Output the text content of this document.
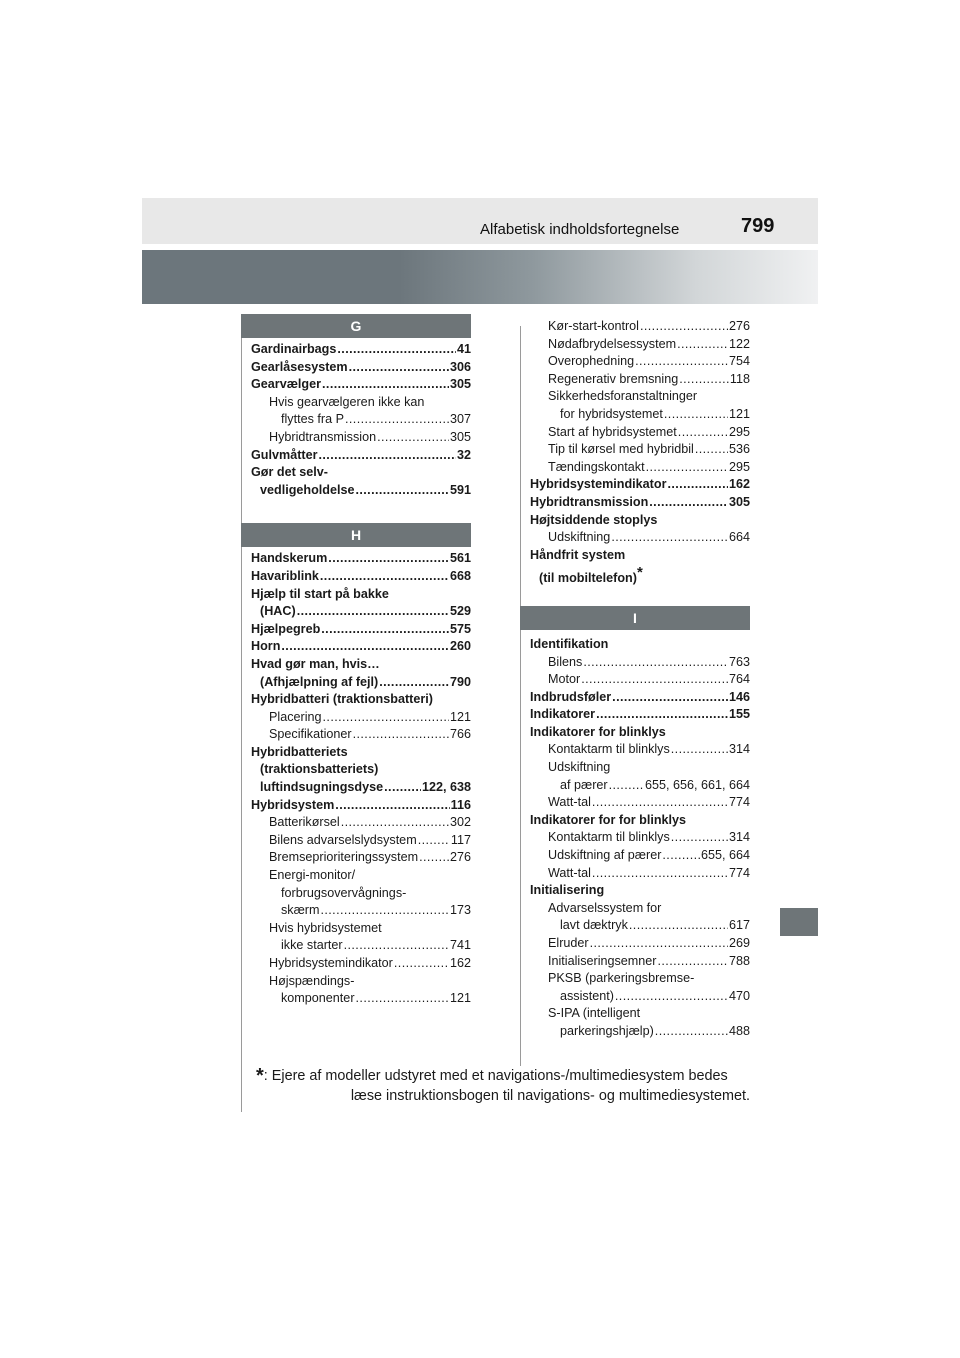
Alfabetisk indholdsfortegnelse	799
G
Gardinairbags .....	41
Gearlåsesystem .....	306
Gearvælger .....	305
Hvis gearvælgeren ikke kan
flyttes fra P .....	307
Hybridtransmission .....	305
Gulvmåtter .....	32
Gør det selv-
vedligeholdelse .....	591
H
Handskerum .....	561
Havariblink .....	668
Hjælp til start på bakke
(HAC) .....	529
Hjælpegreb .....	575
Horn .....	260
Hvad gør man, hvis…
(Afhjælpning af fejl) .....	790
Hybridbatteri (traktionsbatteri)
Placering .....	121
Specifikationer .....	766
Hybridbatteriets
(traktionsbatteriets)
luftindsugningsdyse .....	122, 638
Hybridsystem .....	116
Batterikørsel .....	302
Bilens advarselslydsystem .....	117
Bremseprioriteringssystem .....	276
Energi-monitor/
forbrugsovervågnings-
skærm .....	173
Hvis hybridsystemet
ikke starter .....	741
Hybridsystemindikator .....	162
Højspændings-
komponenter .....	121
Kør-start-kontrol .....	276
Nødafbrydelsessystem .....	122
Overophedning .....	754
Regenerativ bremsning .....	118
Sikkerhedsforanstaltninger
for hybridsystemet .....	121
Start af hybridsystemet .....	295
Tip til kørsel med hybridbil .....	536
Tændingskontakt .....	295
Hybridsystemindikator .....	162
Hybridtransmission .....	305
Højtsiddende stoplys
Udskiftning .....	664
Håndfrit system
(til mobiltelefon)*
I
Identifikation
Bilens .....	763
Motor .....	764
Indbrudsføler .....	146
Indikatorer .....	155
Indikatorer for blinklys
Kontaktarm til blinklys .....	314
Udskiftning
af pærer .....	655, 656, 661, 664
Watt-tal .....	774
Indikatorer for for blinklys
Kontaktarm til blinklys .....	314
Udskiftning af pærer .....	655, 664
Watt-tal .....	774
Initialisering
Advarselssystem for
lavt dæktryk .....	617
Elruder .....	269
Initialiseringsemner .....	788
PKSB (parkeringsbremse-
assistent) .....	470
S-IPA (intelligent
parkeringshjælp) .....	488
*: Ejere af modeller udstyret med et navigations-/multimediesystem bedes
læse instruktionsbogen til navigations- og multimediesystemet.
